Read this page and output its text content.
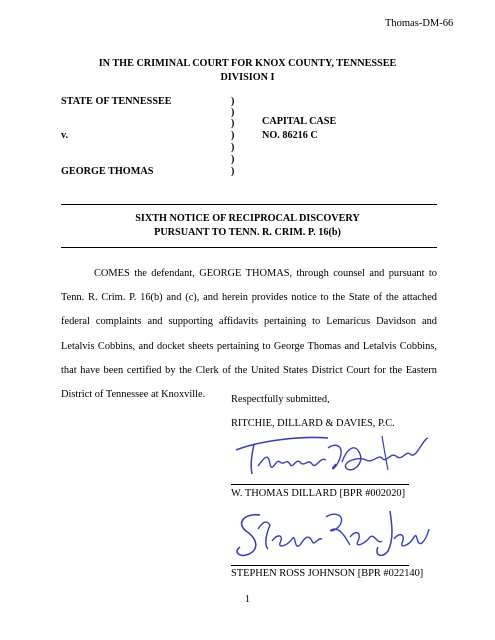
Thomas-DM-66
IN THE CRIMINAL COURT FOR KNOX COUNTY, TENNESSEE
DIVISION I
STATE OF TENNESSEE
v.
GEORGE THOMAS
)
)
)
)
)
)
)
CAPITAL CASE
NO. 86216 C
SIXTH NOTICE OF RECIPROCAL DISCOVERY
PURSUANT TO TENN. R. CRIM. P. 16(b)
COMES the defendant, GEORGE THOMAS, through counsel and pursuant to Tenn. R. Crim. P. 16(b) and (c), and herein provides notice to the State of the attached federal complaints and supporting affidavits pertaining to Lemaricus Davidson and Letalvis Cobbins, and docket sheets pertaining to George Thomas and Letalvis Cobbins, that have been certified by the Clerk of the United States District Court for the Eastern District of Tennessee at Knoxville.	Respectfully submitted,
RITCHIE, DILLARD & DAVIES, P.C.
W. THOMAS DILLARD [BPR #002020]
STEPHEN ROSS JOHNSON [BPR #022140]
1
